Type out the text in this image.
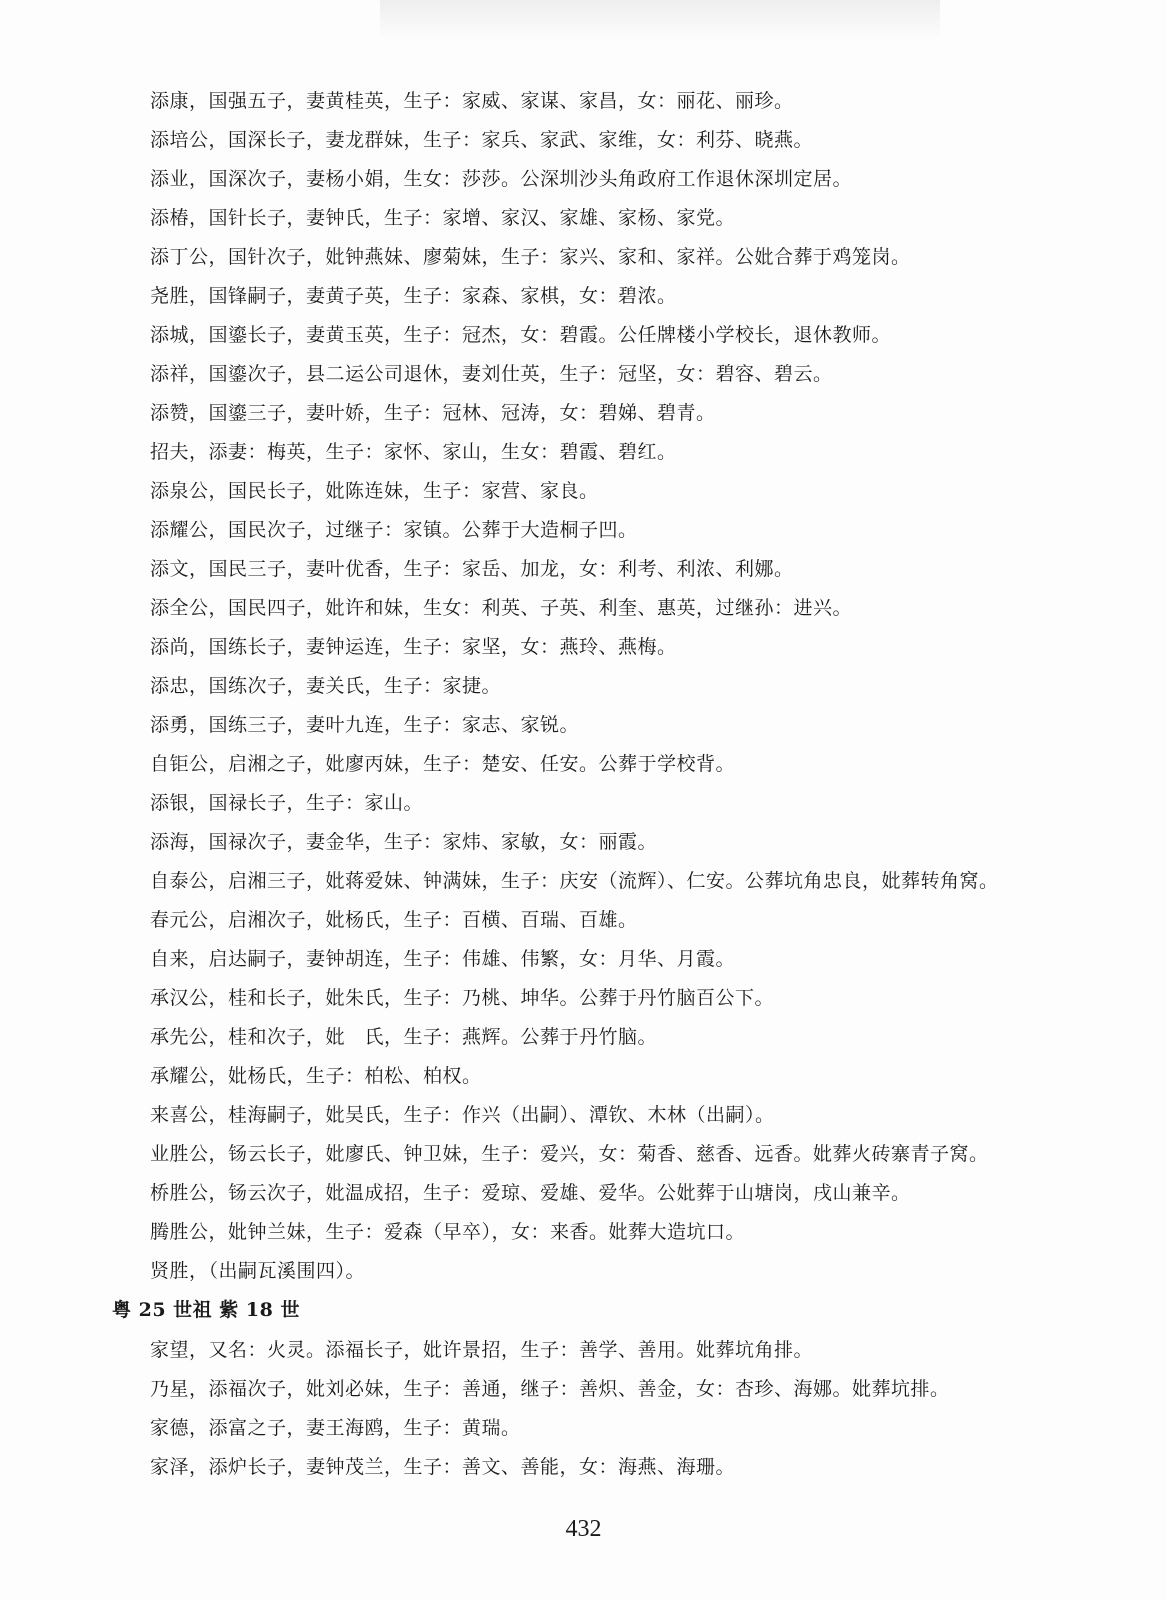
添康，国强五子，妻黄桂英，生子：家威、家谋、家昌，女：丽花、丽珍。
添培公，国深长子，妻龙群妹，生子：家兵、家武、家维，女：利芬、晓燕。
添业，国深次子，妻杨小娟，生女：莎莎。公深圳沙头角政府工作退休深圳定居。
添椿，国针长子，妻钟氏，生子：家增、家汉、家雄、家杨、家党。
添丁公，国针次子，妣钟燕妹、廖菊妹，生子：家兴、家和、家祥。公妣合葬于鸡笼岗。
尧胜，国锋嗣子，妻黄子英，生子：家森、家棋，女：碧浓。
添城，国鎏长子，妻黄玉英，生子：冠杰，女：碧霞。公任牌楼小学校长，退休教师。
添祥，国鎏次子，县二运公司退休，妻刘仕英，生子：冠坚，女：碧容、碧云。
添赞，国鎏三子，妻叶娇，生子：冠林、冠涛，女：碧娣、碧青。
招夫，添妻：梅英，生子：家怀、家山，生女：碧霞、碧红。
添泉公，国民长子，妣陈连妹，生子：家营、家良。
添耀公，国民次子，过继子：家镇。公葬于大造桐子凹。
添文，国民三子，妻叶优香，生子：家岳、加龙，女：利考、利浓、利娜。
添全公，国民四子，妣许和妹，生女：利英、子英、利奎、惠英，过继孙：进兴。
添尚，国练长子，妻钟运连，生子：家坚，女：燕玲、燕梅。
添忠，国练次子，妻关氏，生子：家捷。
添勇，国练三子，妻叶九连，生子：家志、家锐。
自钜公，启湘之子，妣廖丙妹，生子：楚安、任安。公葬于学校背。
添银，国禄长子，生子：家山。
添海，国禄次子，妻金华，生子：家炜、家敏，女：丽霞。
自泰公，启湘三子，妣蒋爱妹、钟满妹，生子：庆安（流辉）、仁安。公葬坑角忠良，妣葬转角窝。
春元公，启湘次子，妣杨氏，生子：百横、百瑞、百雄。
自来，启达嗣子，妻钟胡连，生子：伟雄、伟繁，女：月华、月霞。
承汉公，桂和长子，妣朱氏，生子：乃桃、坤华。公葬于丹竹脑百公下。
承先公，桂和次子，妣　氏，生子：燕辉。公葬于丹竹脑。
承耀公，妣杨氏，生子：柏松、柏权。
来喜公，桂海嗣子，妣吴氏，生子：作兴（出嗣）、潭钦、木林（出嗣）。
业胜公，钖云长子，妣廖氏、钟卫妹，生子：爱兴，女：菊香、慈香、远香。妣葬火砖寨青子窝。
桥胜公，钖云次子，妣温成招，生子：爱琼、爱雄、爱华。公妣葬于山塘岗，戌山兼辛。
腾胜公，妣钟兰妹，生子：爱森（早卒），女：来香。妣葬大造坑口。
贤胜，（出嗣瓦溪围四）。
粤 25 世祖 紫 18 世
家望，又名：火灵。添福长子，妣许景招，生子：善学、善用。妣葬坑角排。
乃星，添福次子，妣刘必妹，生子：善通，继子：善炽、善金，女：杏珍、海娜。妣葬坑排。
家德，添富之子，妻王海鸥，生子：黄瑞。
家泽，添炉长子，妻钟茂兰，生子：善文、善能，女：海燕、海珊。
432
